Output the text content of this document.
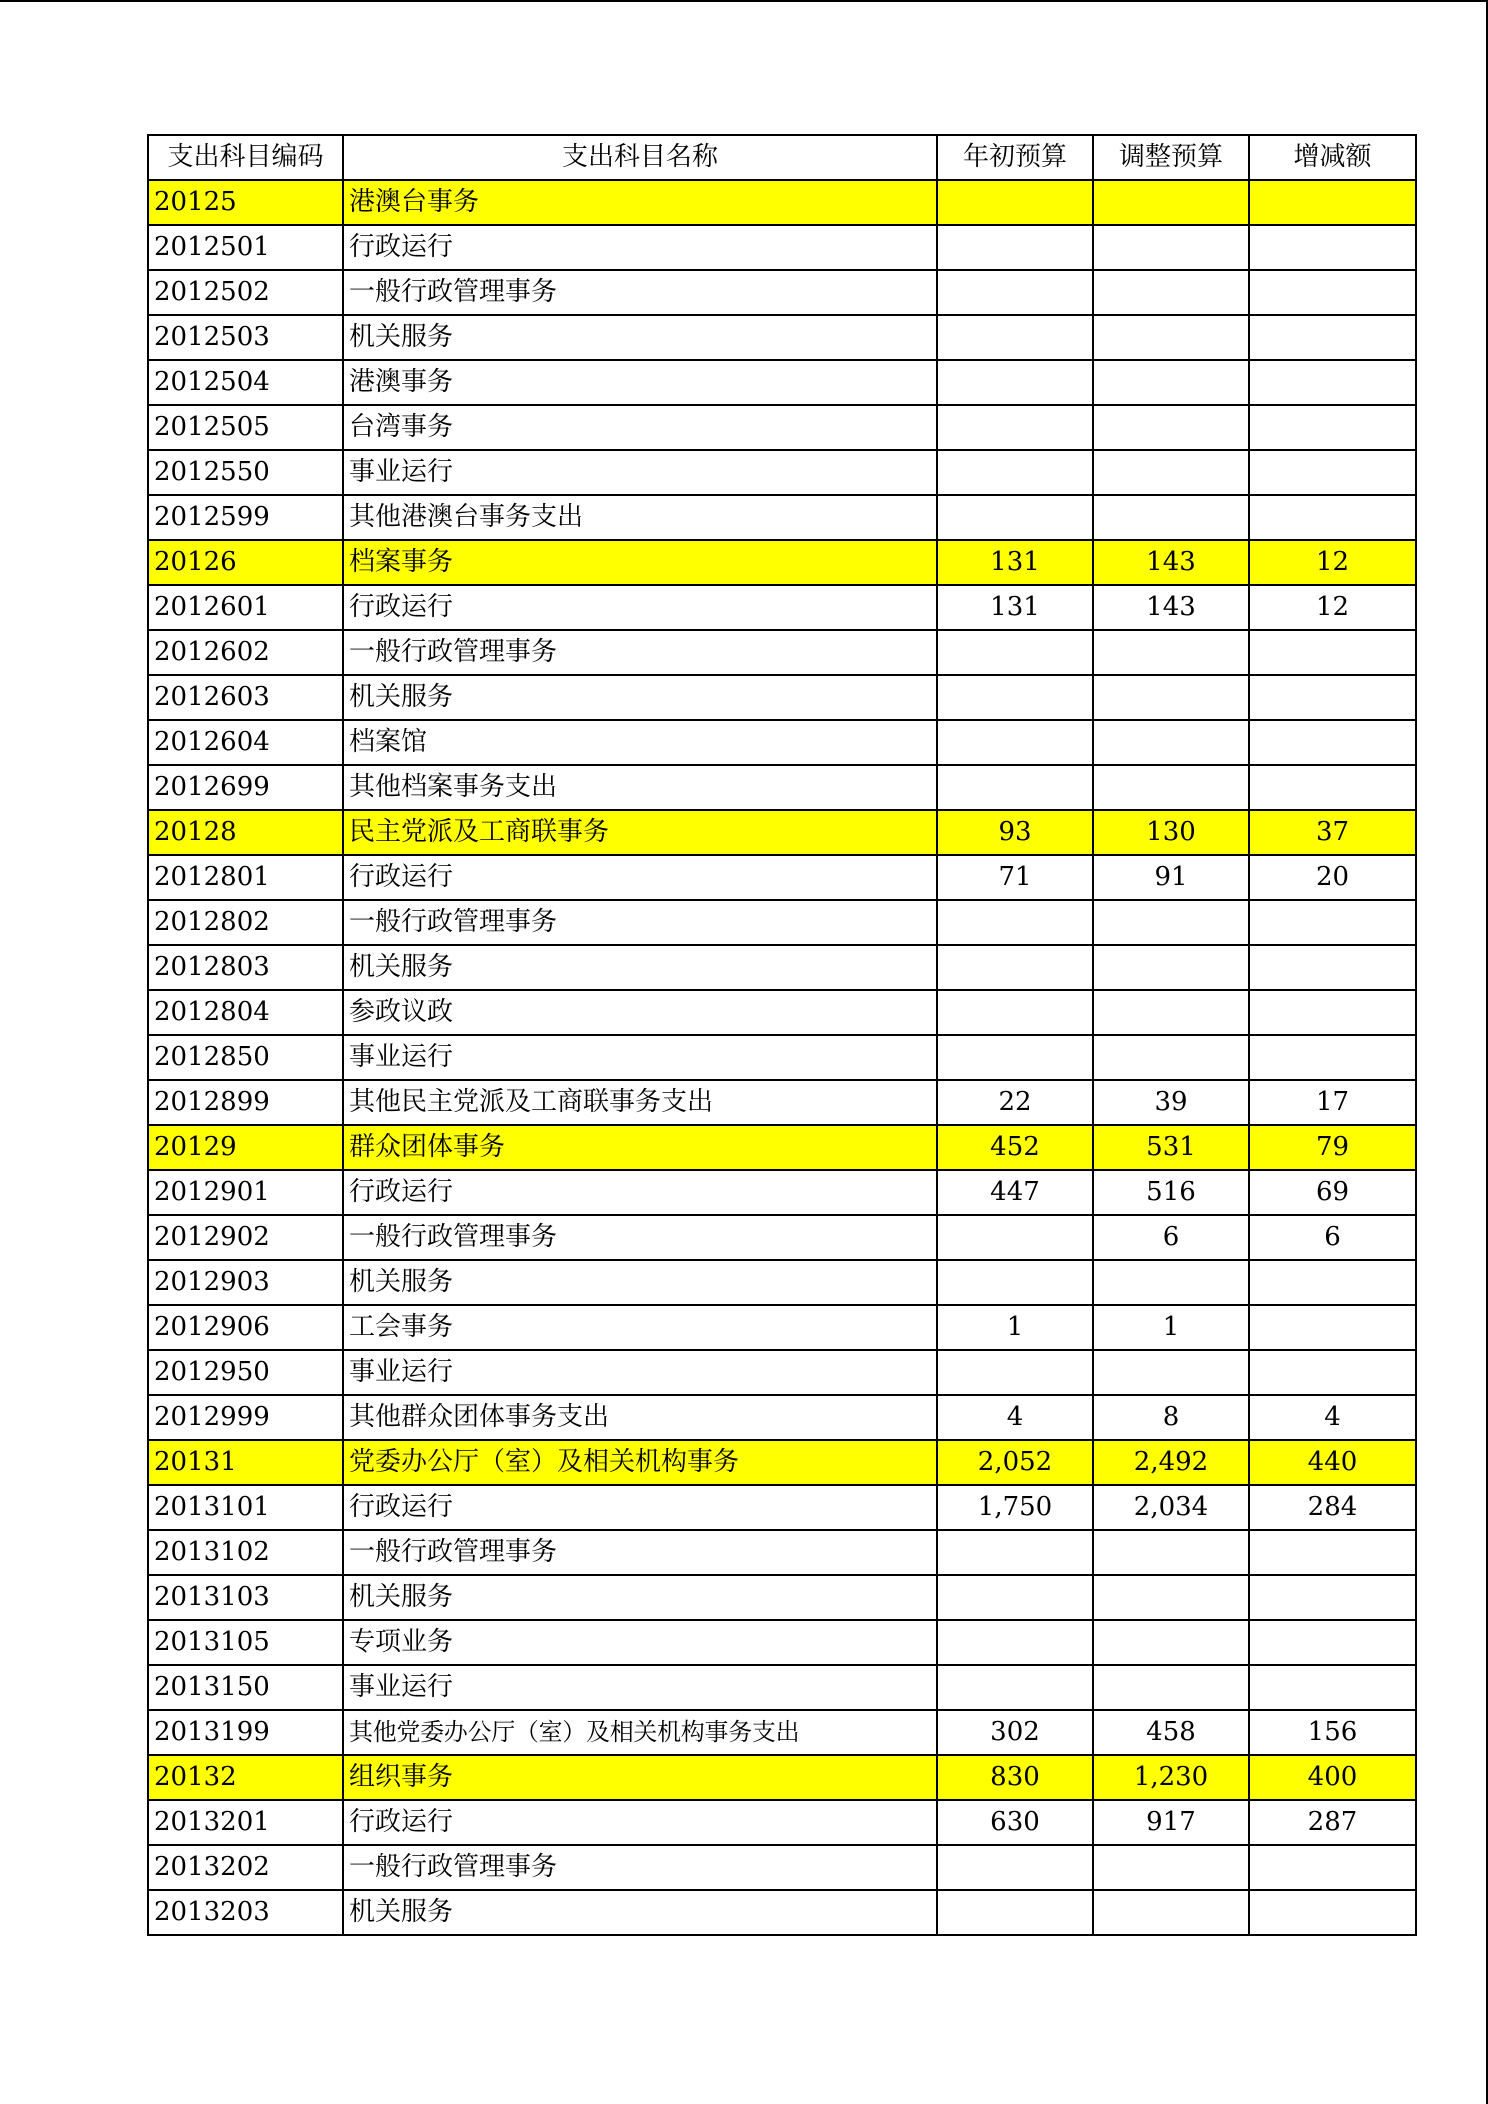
支出科目编码	支出科目名称	年初预算	调整预算	增减额
20125	港澳台事务			
2012501	行政运行			
2012502	一般行政管理事务			
2012503	机关服务			
2012504	港澳事务			
2012505	台湾事务			
2012550	事业运行			
2012599	其他港澳台事务支出			
20126	档案事务	131	143	12
2012601	行政运行	131	143	12
2012602	一般行政管理事务			
2012603	机关服务			
2012604	档案馆			
2012699	其他档案事务支出			
20128	民主党派及工商联事务	93	130	37
2012801	行政运行	71	91	20
2012802	一般行政管理事务			
2012803	机关服务			
2012804	参政议政			
2012850	事业运行			
2012899	其他民主党派及工商联事务支出	22	39	17
20129	群众团体事务	452	531	79
2012901	行政运行	447	516	69
2012902	一般行政管理事务		6	6
2012903	机关服务			
2012906	工会事务	1	1	
2012950	事业运行			
2012999	其他群众团体事务支出	4	8	4
20131	党委办公厅（室）及相关机构事务	2,052	2,492	440
2013101	行政运行	1,750	2,034	284
2013102	一般行政管理事务			
2013103	机关服务			
2013105	专项业务			
2013150	事业运行			
2013199	其他党委办公厅（室）及相关机构事务支出	302	458	156
20132	组织事务	830	1,230	400
2013201	行政运行	630	917	287
2013202	一般行政管理事务			
2013203	机关服务			
